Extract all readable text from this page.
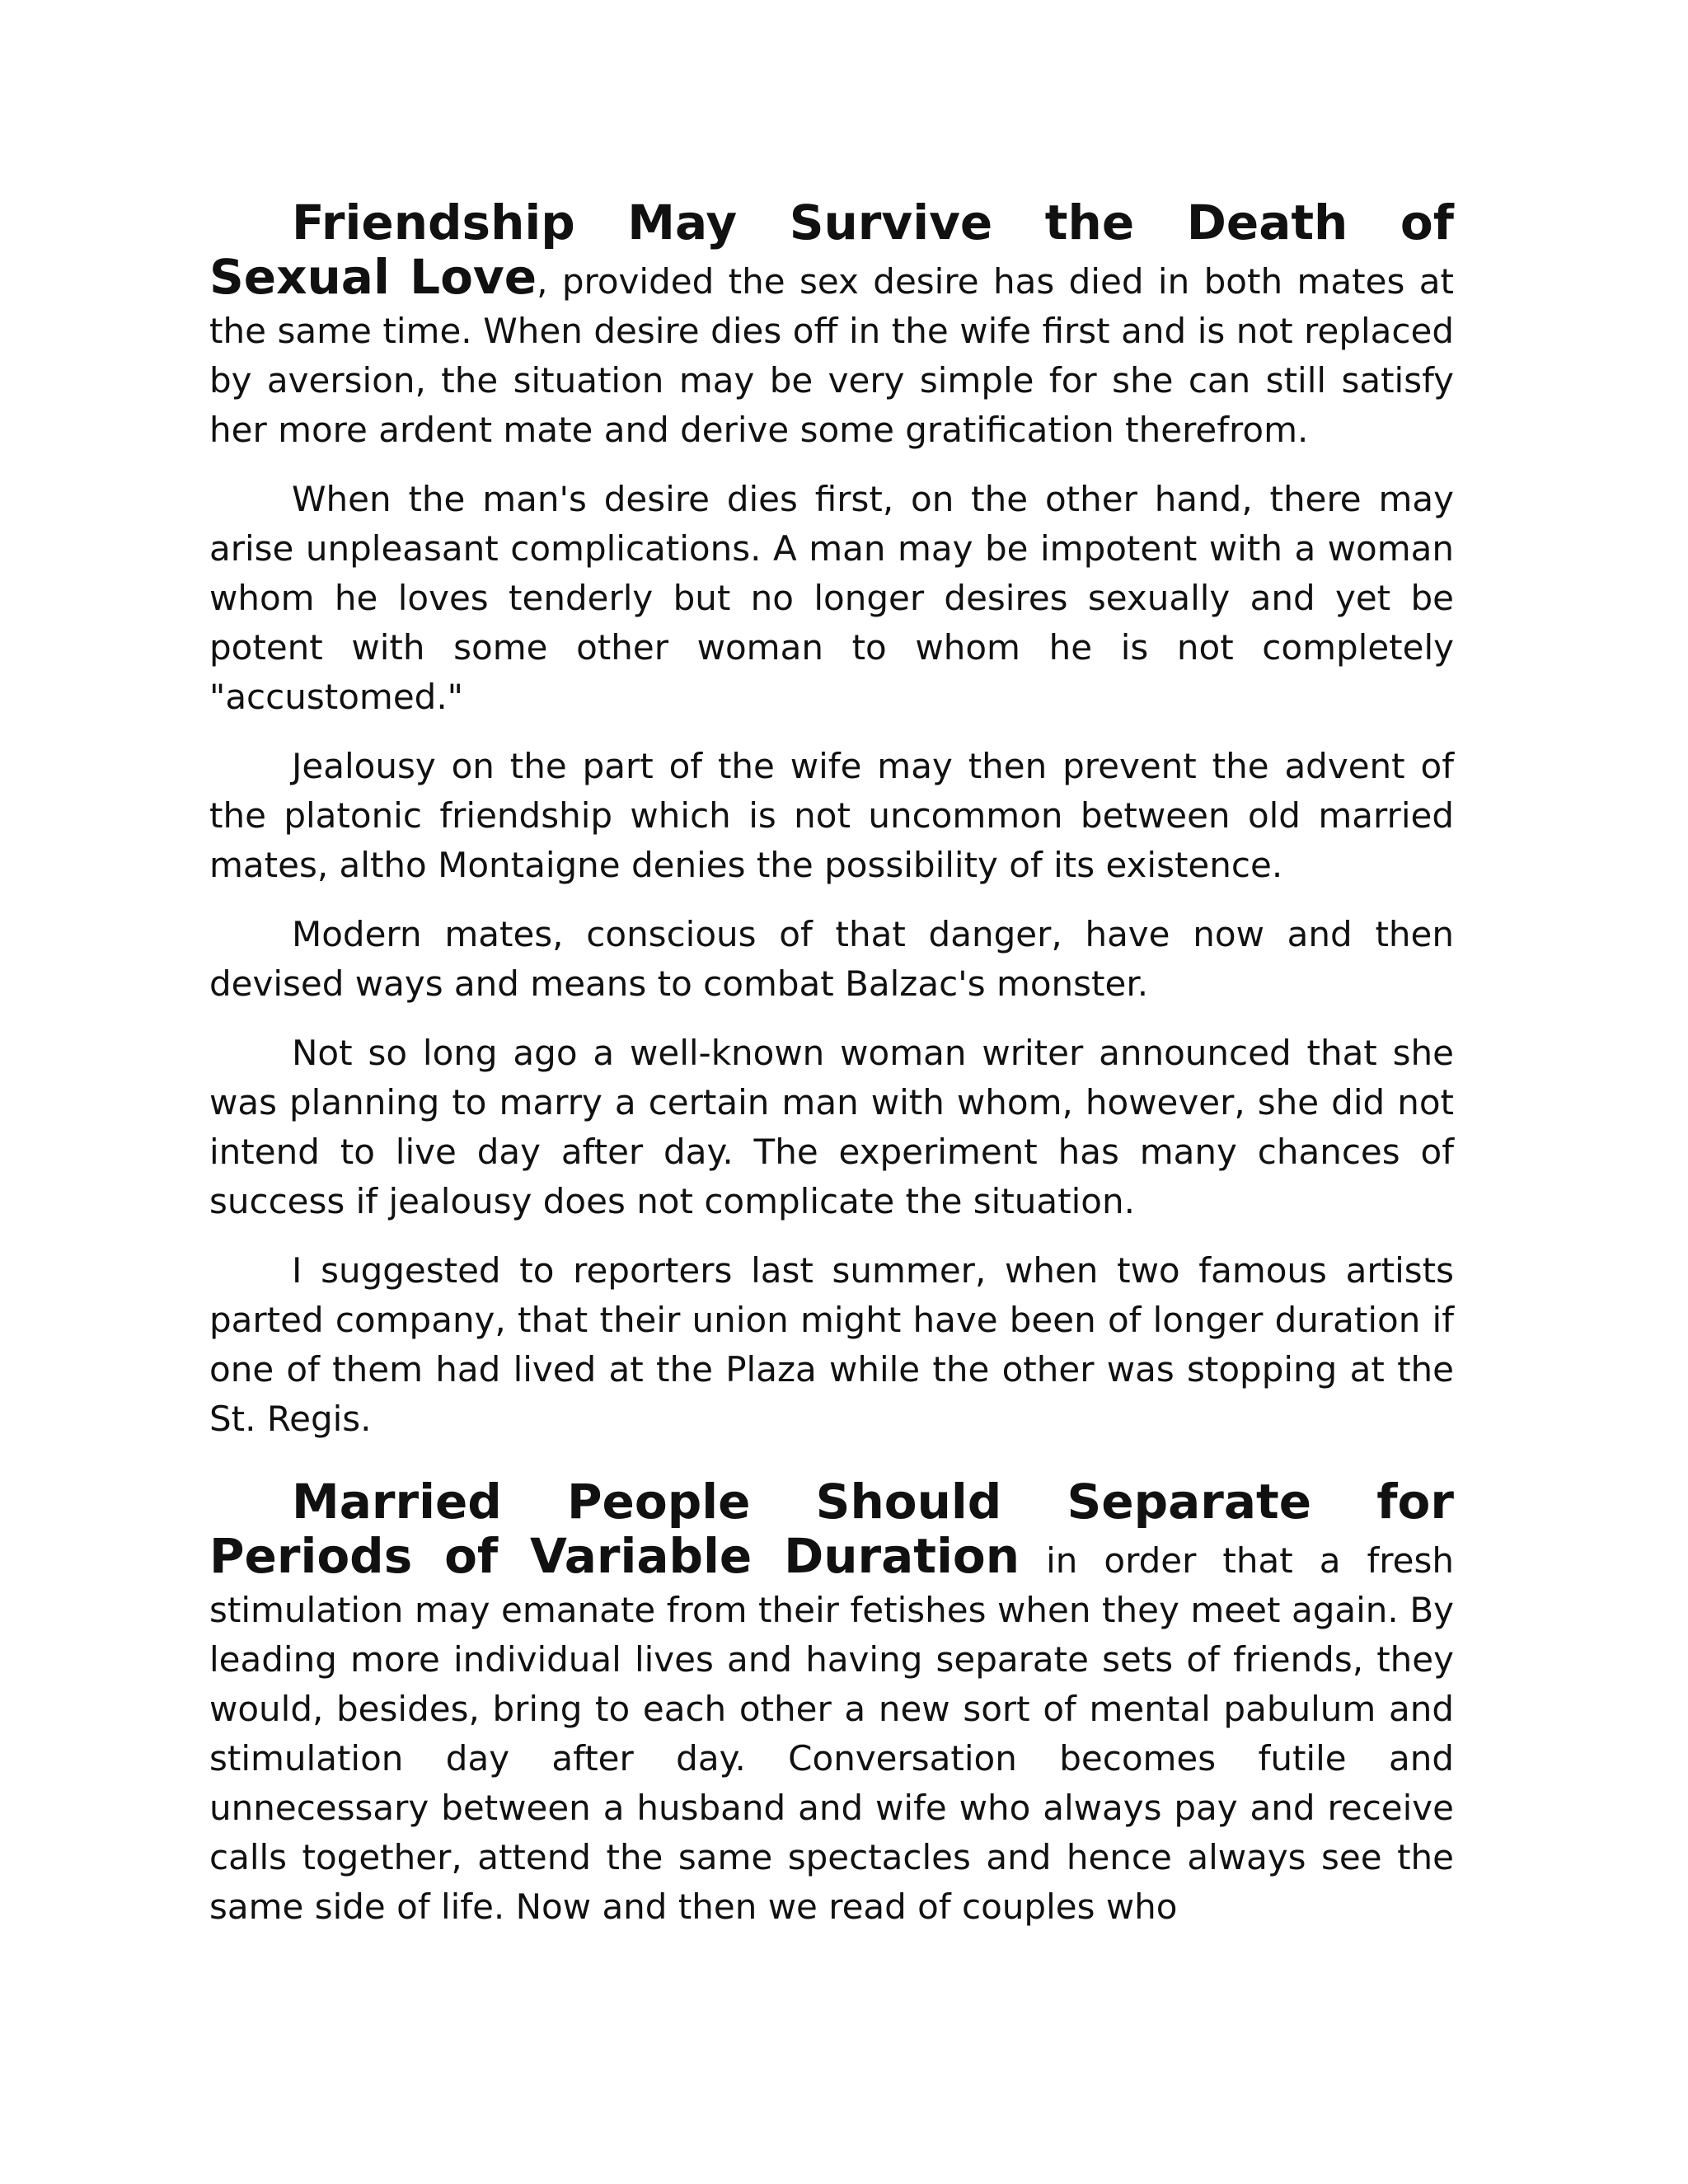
Friendship May Survive the Death of Sexual Love, provided the sex desire has died in both mates at the same time. When desire dies off in the wife first and is not replaced by aversion, the situation may be very simple for she can still satisfy her more ardent mate and derive some gratification therefrom.

When the man's desire dies first, on the other hand, there may arise unpleasant complications. A man may be impotent with a woman whom he loves tenderly but no longer desires sexually and yet be potent with some other woman to whom he is not completely "accustomed."

Jealousy on the part of the wife may then prevent the advent of the platonic friendship which is not uncommon between old married mates, altho Montaigne denies the possibility of its existence.

Modern mates, conscious of that danger, have now and then devised ways and means to combat Balzac's monster.

Not so long ago a well-known woman writer announced that she was planning to marry a certain man with whom, however, she did not intend to live day after day. The experiment has many chances of success if jealousy does not complicate the situation.

I suggested to reporters last summer, when two famous artists parted company, that their union might have been of longer duration if one of them had lived at the Plaza while the other was stopping at the St. Regis.

Married People Should Separate for Periods of Variable Duration in order that a fresh stimulation may emanate from their fetishes when they meet again. By leading more individual lives and having separate sets of friends, they would, besides, bring to each other a new sort of mental pabulum and stimulation day after day. Conversation becomes futile and unnecessary between a husband and wife who always pay and receive calls together, attend the same spectacles and hence always see the same side of life. Now and then we read of couples who
